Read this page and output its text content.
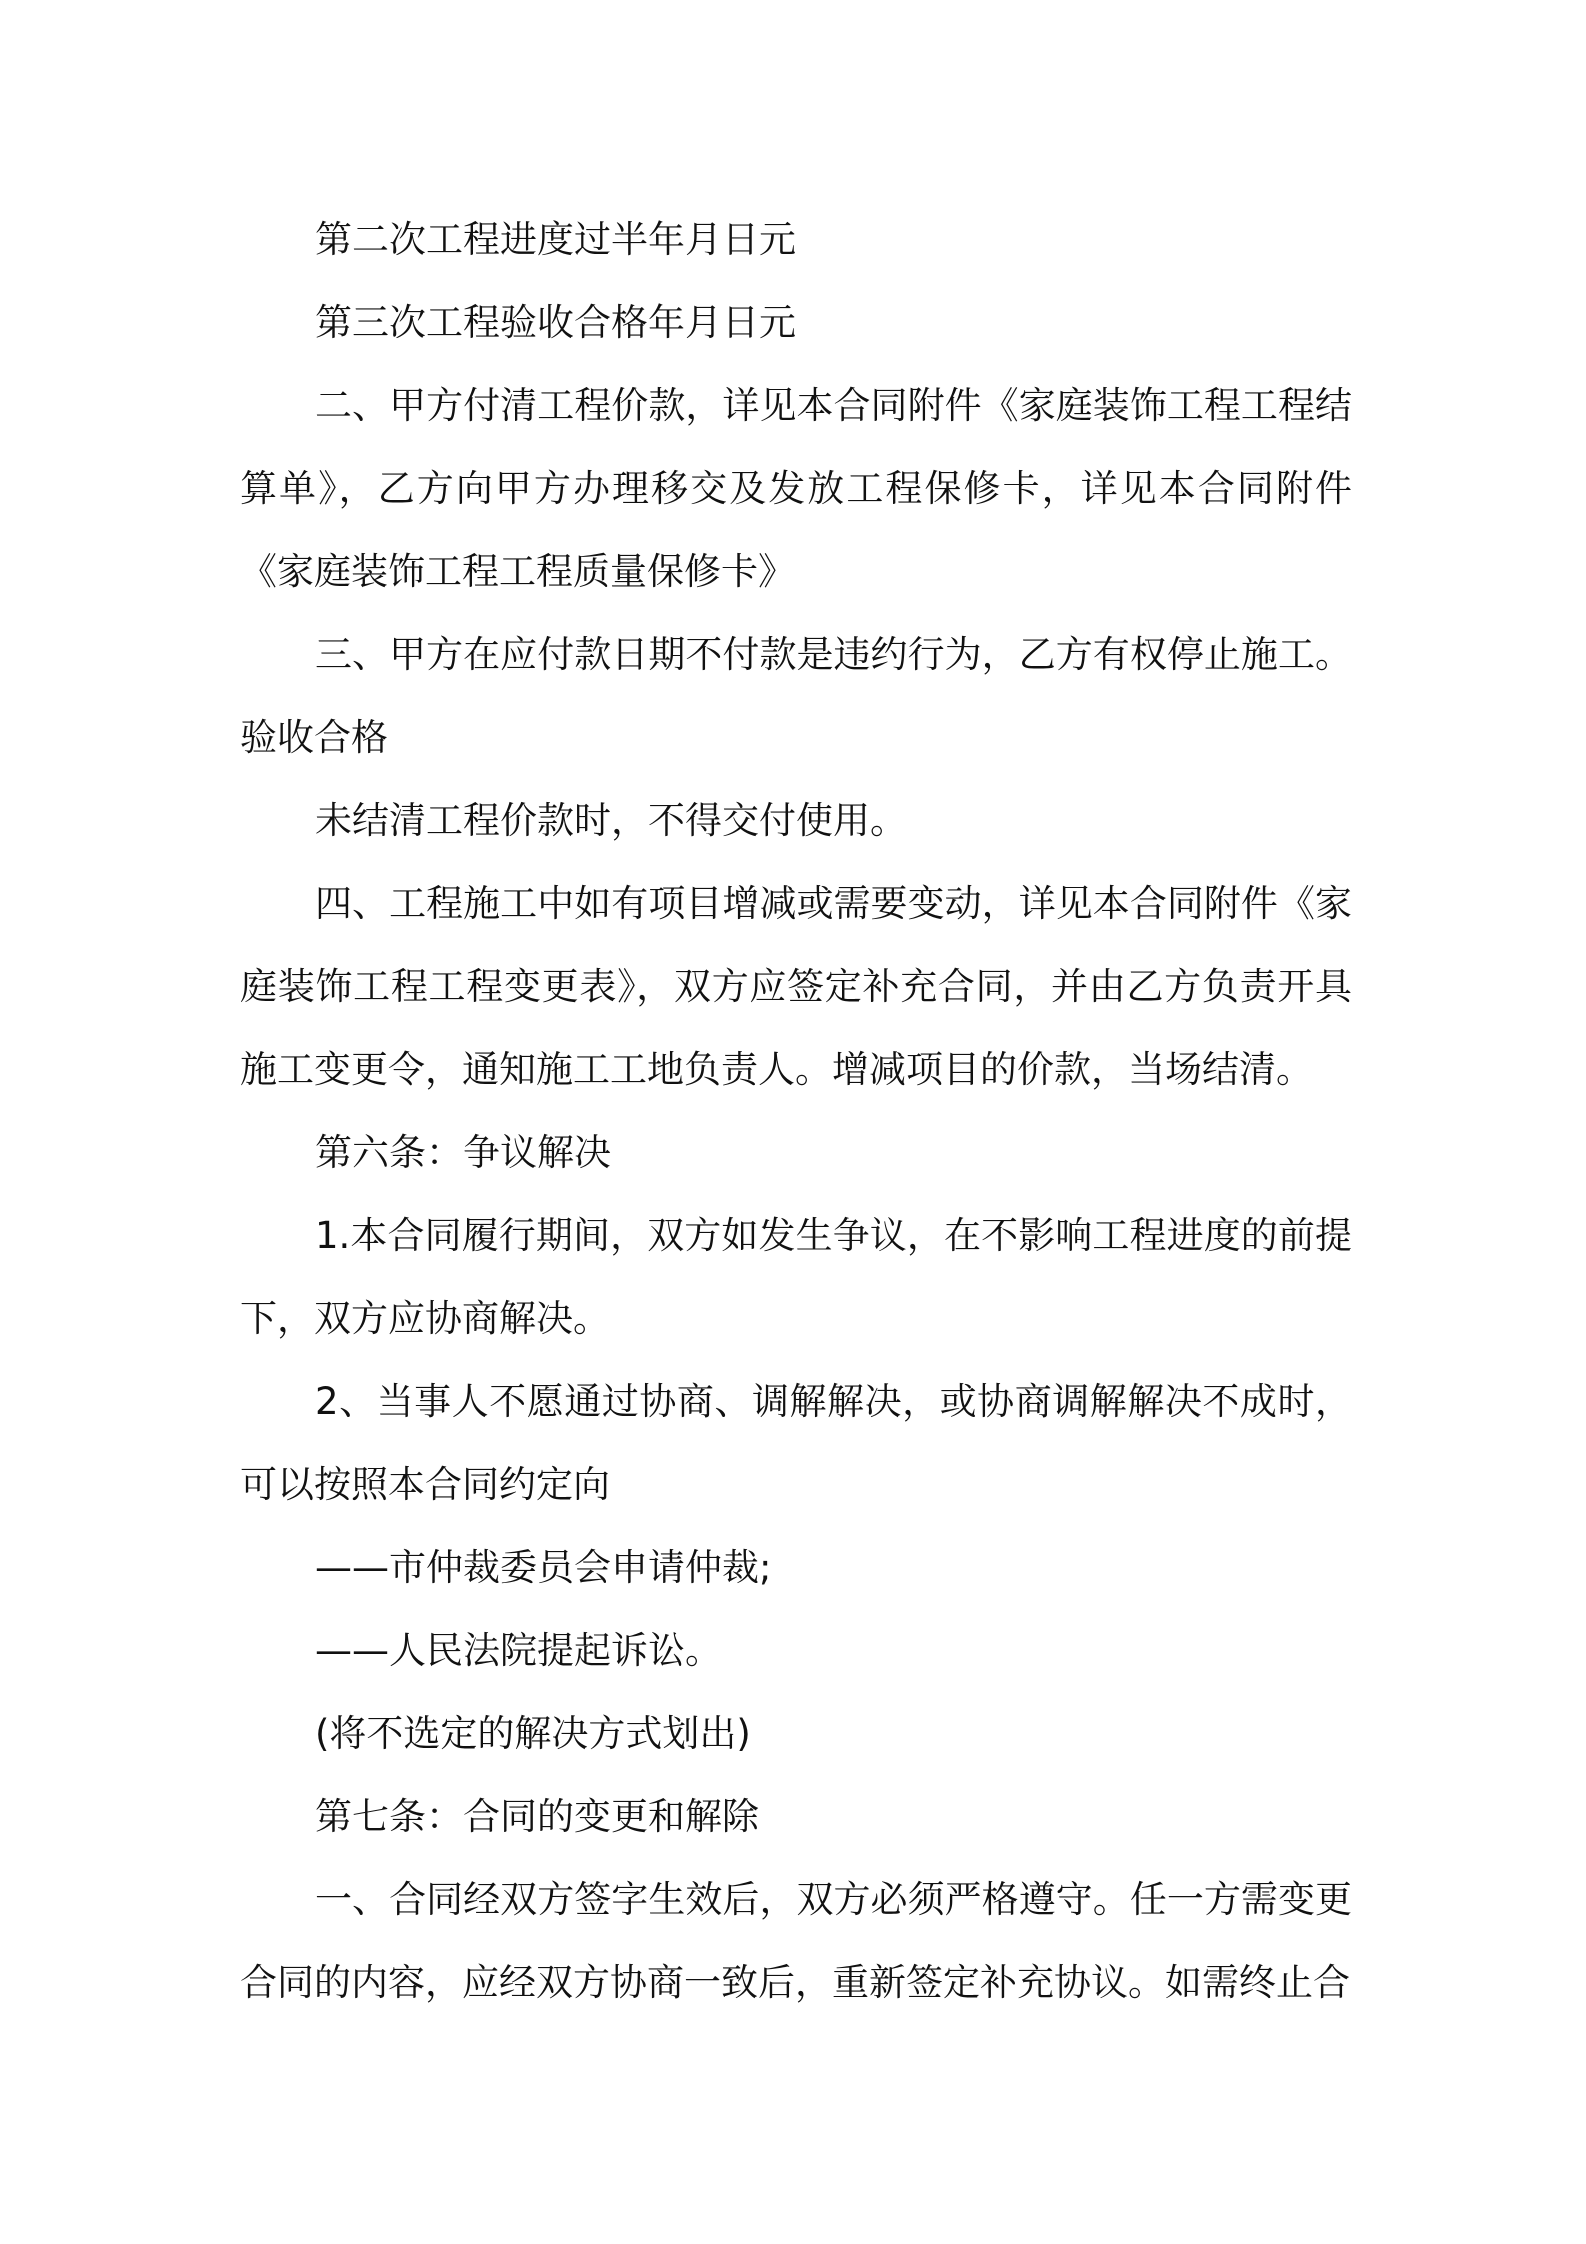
第二次工程进度过半年月日元

第三次工程验收合格年月日元

二、甲方付清工程价款，详见本合同附件《家庭装饰工程工程结算单》，乙方向甲方办理移交及发放工程保修卡，详见本合同附件《家庭装饰工程工程质量保修卡》

三、甲方在应付款日期不付款是违约行为，乙方有权停止施工。验收合格

未结清工程价款时，不得交付使用。

四、工程施工中如有项目增减或需要变动，详见本合同附件《家庭装饰工程工程变更表》，双方应签定补充合同，并由乙方负责开具施工变更令，通知施工工地负责人。增减项目的价款，当场结清。

第六条：争议解决

1.本合同履行期间，双方如发生争议，在不影响工程进度的前提下，双方应协商解决。

2、当事人不愿通过协商、调解解决，或协商调解解决不成时，可以按照本合同约定向

——市仲裁委员会申请仲裁;

——人民法院提起诉讼。

(将不选定的解决方式划出)

第七条：合同的变更和解除

一、合同经双方签字生效后，双方必须严格遵守。任一方需变更合同的内容，应经双方协商一致后，重新签定补充协议。如需终止合
